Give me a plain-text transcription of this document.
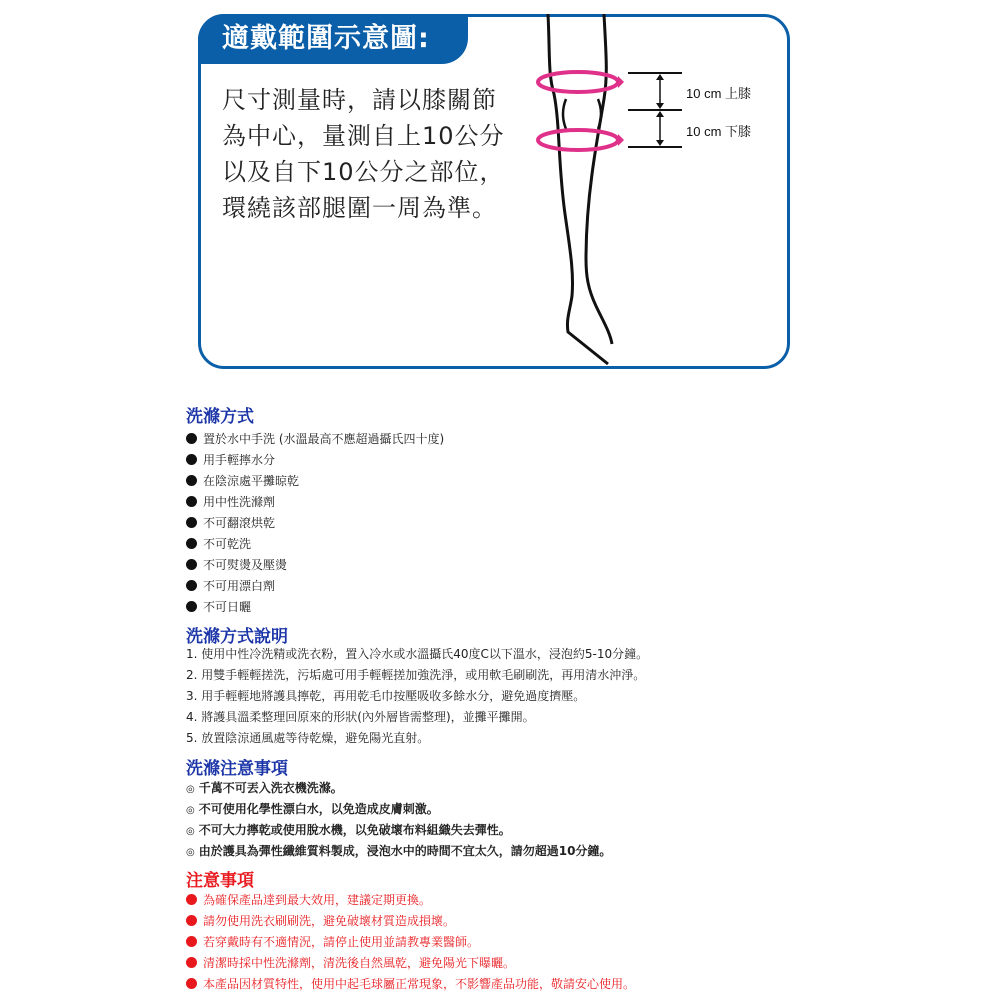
適戴範圍示意圖:
尺寸測量時，請以膝關節
為中心，量測自上10公分
以及自下10公分之部位，
環繞該部腿圍一周為準。
10 cm 上膝
10 cm 下膝
洗滌方式
置於水中手洗 (水溫最高不應超過攝氏四十度)
用手輕擰水分
在陰涼處平攤晾乾
用中性洗滌劑
不可翻滾烘乾
不可乾洗
不可熨燙及壓燙
不可用漂白劑
不可日曬
洗滌方式說明
1. 使用中性冷洗精或洗衣粉，置入冷水或水溫攝氏40度C以下溫水，浸泡約5-10分鐘。
2. 用雙手輕輕搓洗，污垢處可用手輕輕搓加強洗淨，或用軟毛刷刷洗，再用清水沖淨。
3. 用手輕輕地將護具擰乾，再用乾毛巾按壓吸收多餘水分，避免過度擠壓。
4. 將護具溫柔整理回原來的形狀(內外層皆需整理)，並攤平攤開。
5. 放置陰涼通風處等待乾燥，避免陽光直射。
洗滌注意事項
◎ 千萬不可丟入洗衣機洗滌。
◎ 不可使用化學性漂白水，以免造成皮膚刺激。
◎ 不可大力擰乾或使用脫水機，以免破壞布料組織失去彈性。
◎ 由於護具為彈性纖維質料製成，浸泡水中的時間不宜太久，請勿超過10分鐘。
注意事項
為確保產品達到最大效用，建議定期更換。
請勿使用洗衣刷刷洗，避免破壞材質造成損壞。
若穿戴時有不適情況，請停止使用並請教專業醫師。
清潔時採中性洗滌劑，清洗後自然風乾，避免陽光下曝曬。
本產品因材質特性，使用中起毛球屬正常現象，不影響產品功能，敬請安心使用。
